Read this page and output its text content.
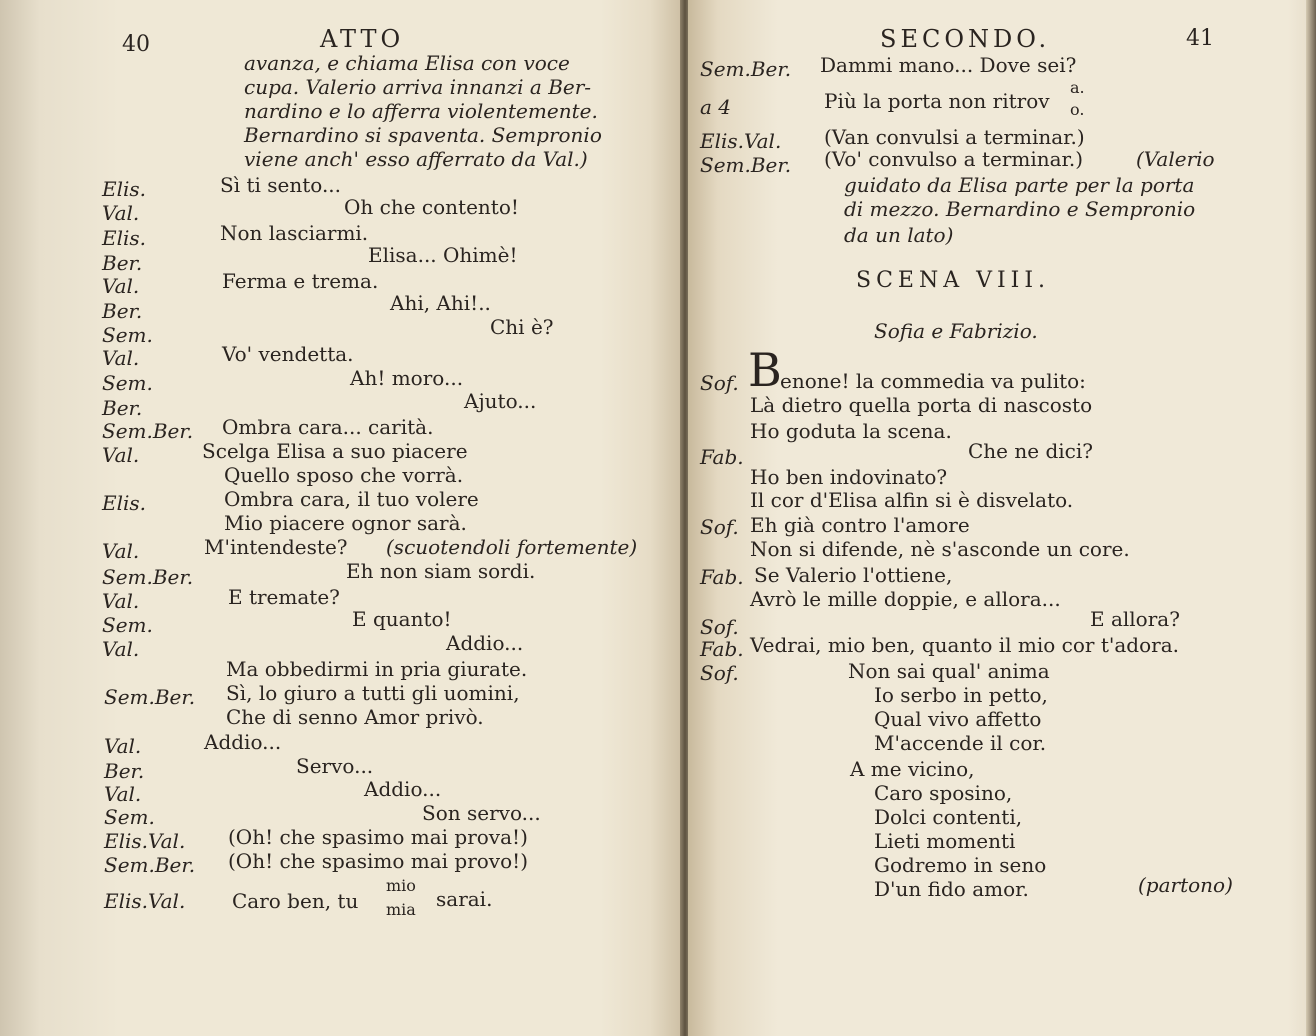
40	ATTO
avanza, e chiama Elisa con voce
cupa. Valerio arriva innanzi a Ber-
nardino e lo afferra violentemente.
Bernardino si spaventa. Sempronio
viene anch' esso afferrato da Val.)
Elis.	Sì ti sento...
Val.	Oh che contento!
Elis.	Non lasciarmi.
Ber.	Elisa... Ohimè!
Val.	Ferma e trema.
Ber.	Ahi, Ahi!..
Sem.	Chi è?
Val.	Vo' vendetta.
Sem.	Ah! moro...
Ber.	Ajuto...
Sem.Ber. Ombra cara... carità.
Val.	Scelga Elisa a suo piacere
Quello sposo che vorrà.
Elis.	Ombra cara, il tuo volere
Mio piacere ognor sarà.
Val.	M'intendeste? (scuotendoli fortemente)
Sem.Ber.	Eh non siam sordi.
Val.	E tremate?
Sem.	E quanto!
Val.	Addio...
Ma obbedirmi in pria giurate.
Sem.Ber. Sì, lo giuro a tutti gli uomini,
Che di senno Amor privò.
Val.	Addio...
Ber.	Servo...
Val.	Addio...
Sem.	Son servo...
Elis.Val. (Oh! che spasimo mai prova!)
Sem.Ber. (Oh! che spasimo mai provo!)
Elis.Val. Caro ben, tu
mio
mia sarai.
SECONDO.	41
Sem.Ber. Dammi mano... Dove sei?
a 4	Più la porta non ritrov
a.
o.
Elis.Val. (Van convulsi a terminar.)
Sem.Ber. (Vo' convulso a terminar.)	(Valerio
guidato da Elisa parte per la porta
di mezzo. Bernardino e Sempronio
da un lato)
SCENA VIII.
Sofia e Fabrizio.
Sof. B
enone! la commedia va pulito:
Là dietro quella porta di nascosto
Ho goduta la scena.
Fab.	Che ne dici?
Ho ben indovinato?
Il cor d'Elisa alfin si è disvelato.
Sof. Eh già contro l'amore
Non si difende, nè s'asconde un core.
Fab. Se Valerio l'ottiene,
Avrò le mille doppie, e allora...
Sof.	E allora?
Fab. Vedrai, mio ben, quanto il mio cor t'adora.
Sof.	Non sai qual' anima
Io serbo in petto,
Qual vivo affetto
M'accende il cor.
A me vicino,
Caro sposino,
Dolci contenti,
Lieti momenti
Godremo in seno
D'un fido amor.	(partono)
